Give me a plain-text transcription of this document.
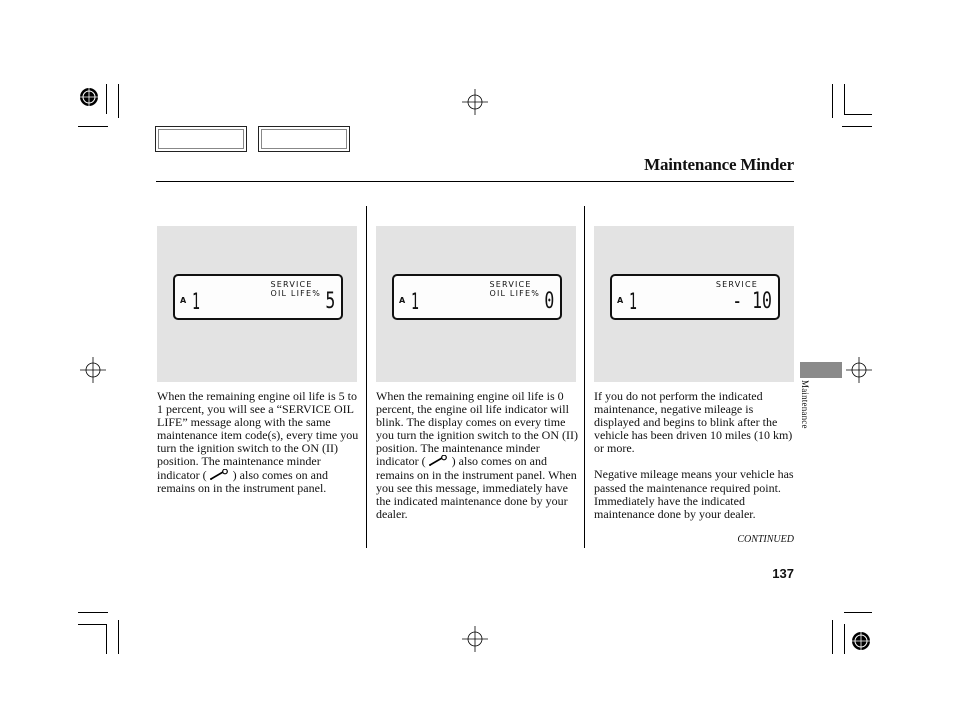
Maintenance Minder
SERVICE
OIL LIFE%
A 1	5
SERVICE
OIL LIFE%
A 1	0
SERVICE
A 1	- 10

When the remaining engine oil life is 5 to 1 percent, you will see a “SERVICE OIL LIFE” message along with the same maintenance item code(s), every time you turn the ignition switch to the ON (II) position. The maintenance minder indicator ( ) also comes on and remains on in the instrument panel.

When the remaining engine oil life is 0 percent, the engine oil life indicator will blink. The display comes on every time you turn the ignition switch to the ON (II) position. The maintenance minder indicator ( ) also comes on and remains on in the instrument panel. When you see this message, immediately have the indicated maintenance done by your dealer.

If you do not perform the indicated maintenance, negative mileage is displayed and begins to blink after the vehicle has been driven 10 miles (10 km) or more.

Negative mileage means your vehicle has passed the maintenance required point.

Immediately have the indicated maintenance done by your dealer.

CONTINUED
137
Maintenance
